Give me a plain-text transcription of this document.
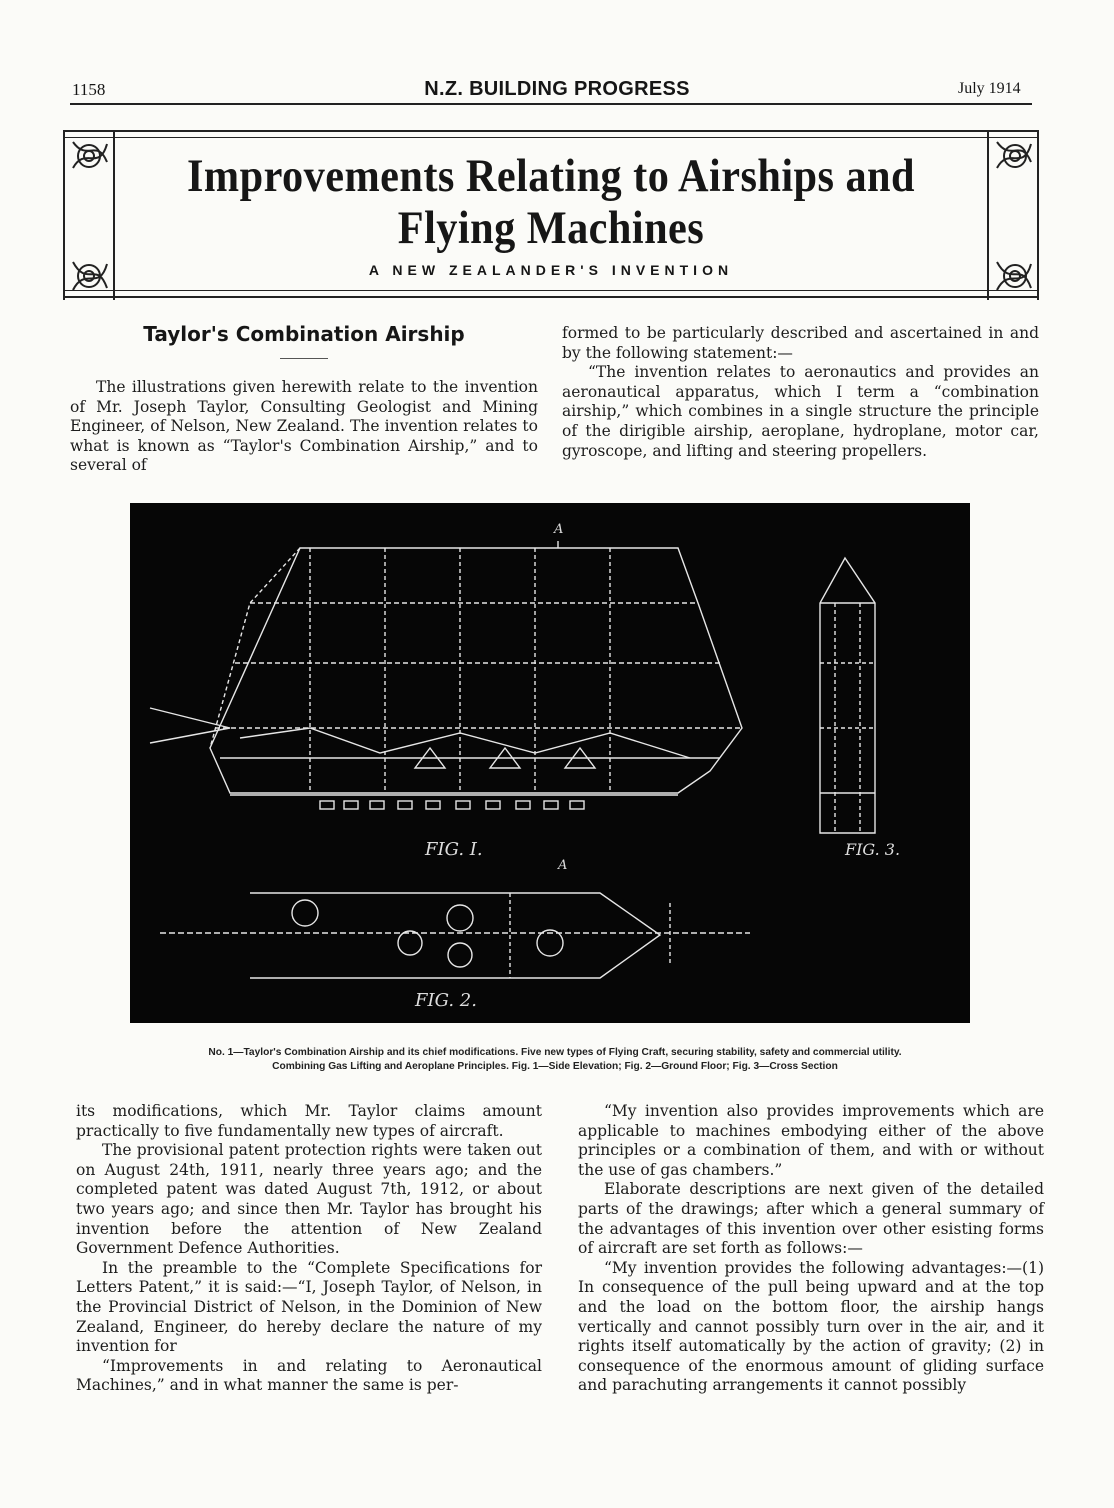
1158	N.Z. BUILDING PROGRESS	July 1914
Improvements Relating to Airships and
Flying Machines
A NEW ZEALANDER'S INVENTION
Taylor's Combination Airship

The illustrations given herewith relate to the invention of Mr. Joseph Taylor, Consulting Geologist and Mining Engineer, of Nelson, New Zealand. The invention relates to what is known as “Taylor's Combination Airship,” and to several of

formed to be particularly described and ascertained in and by the following statement:—

“The invention relates to aeronautics and provides an aeronautical apparatus, which I term a “combination airship,” which combines in a single structure the principle of the dirigible airship, aeroplane, hydroplane, motor car, gyroscope, and lifting and steering propellers.

FIG. I.
FIG. 2.
FIG. 3.
A
A
No. 1—Taylor's Combination Airship and its chief modifications. Five new types of Flying Craft, securing stability, safety and commercial utility.
Combining Gas Lifting and Aeroplane Principles. Fig. 1—Side Elevation; Fig. 2—Ground Floor; Fig. 3—Cross Section

its modifications, which Mr. Taylor claims amount practically to five fundamentally new types of aircraft.

The provisional patent protection rights were taken out on August 24th, 1911, nearly three years ago; and the completed patent was dated August 7th, 1912, or about two years ago; and since then Mr. Taylor has brought his invention before the attention of New Zealand Government Defence Authorities.

In the preamble to the “Complete Specifications for Letters Patent,” it is said:—“I, Joseph Taylor, of Nelson, in the Provincial District of Nelson, in the Dominion of New Zealand, Engineer, do hereby declare the nature of my invention for

“Improvements in and relating to Aeronautical Machines,” and in what manner the same is per-

“My invention also provides improvements which are applicable to machines embodying either of the above principles or a combination of them, and with or without the use of gas chambers.”

Elaborate descriptions are next given of the detailed parts of the drawings; after which a general summary of the advantages of this invention over other esisting forms of aircraft are set forth as follows:—

“My invention provides the following advantages:—(1) In consequence of the pull being upward and at the top and the load on the bottom floor, the airship hangs vertically and cannot possibly turn over in the air, and it rights itself automatically by the action of gravity; (2) in consequence of the enormous amount of gliding surface and parachuting arrangements it cannot possibly
